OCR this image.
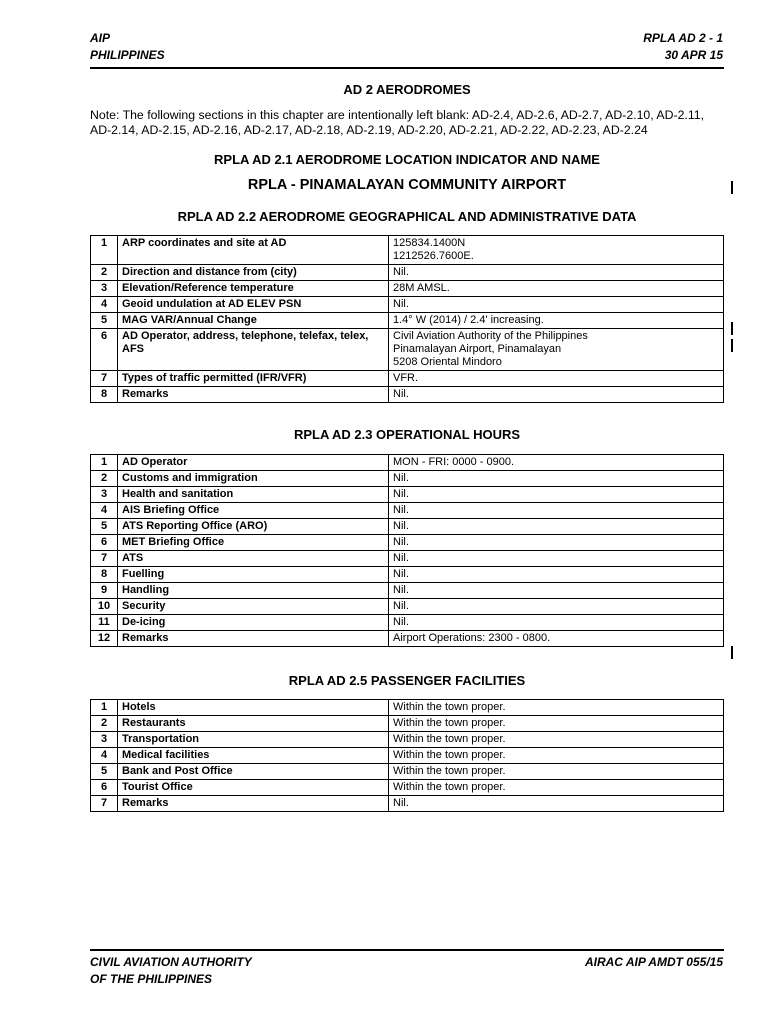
AIP
PHILIPPINES
RPLA AD 2 - 1
30 APR 15
AD 2 AERODROMES
Note: The following sections in this chapter are intentionally left blank: AD-2.4, AD-2.6, AD-2.7, AD-2.10, AD-2.11, AD-2.14, AD-2.15, AD-2.16, AD-2.17, AD-2.18, AD-2.19, AD-2.20, AD-2.21, AD-2.22, AD-2.23, AD-2.24
RPLA AD 2.1 AERODROME LOCATION INDICATOR AND NAME
RPLA - PINAMALAYAN COMMUNITY AIRPORT
RPLA AD 2.2 AERODROME GEOGRAPHICAL AND ADMINISTRATIVE DATA
1	ARP coordinates and site at AD	125834.1400N
1212526.7600E.

2	Direction and distance from (city)	Nil.

3	Elevation/Reference temperature	28M AMSL.

4	Geoid undulation at AD ELEV PSN	Nil.

5	MAG VAR/Annual Change	1.4° W (2014) / 2.4' increasing.

6	AD Operator, address, telephone, telefax, telex, AFS	Civil Aviation Authority of the Philippines
Pinamalayan Airport, Pinamalayan
5208 Oriental Mindoro

7	Types of traffic permitted (IFR/VFR)	VFR.

8	Remarks	Nil.
RPLA AD 2.3 OPERATIONAL HOURS
1	AD Operator	MON - FRI: 0000 - 0900.

2	Customs and immigration	Nil.

3	Health and sanitation	Nil.

4	AIS Briefing Office	Nil.

5	ATS Reporting Office (ARO)	Nil.

6	MET Briefing Office	Nil.

7	ATS	Nil.

8	Fuelling	Nil.

9	Handling	Nil.

10	Security	Nil.

11	De-icing	Nil.

12	Remarks	Airport Operations: 2300 - 0800.
RPLA AD 2.5 PASSENGER FACILITIES
1	Hotels	Within the town proper.

2	Restaurants	Within the town proper.

3	Transportation	Within the town proper.

4	Medical facilities	Within the town proper.

5	Bank and Post Office	Within the town proper.

6	Tourist Office	Within the town proper.

7	Remarks	Nil.
CIVIL AVIATION AUTHORITY
OF THE PHILIPPINES
AIRAC AIP AMDT 055/15
